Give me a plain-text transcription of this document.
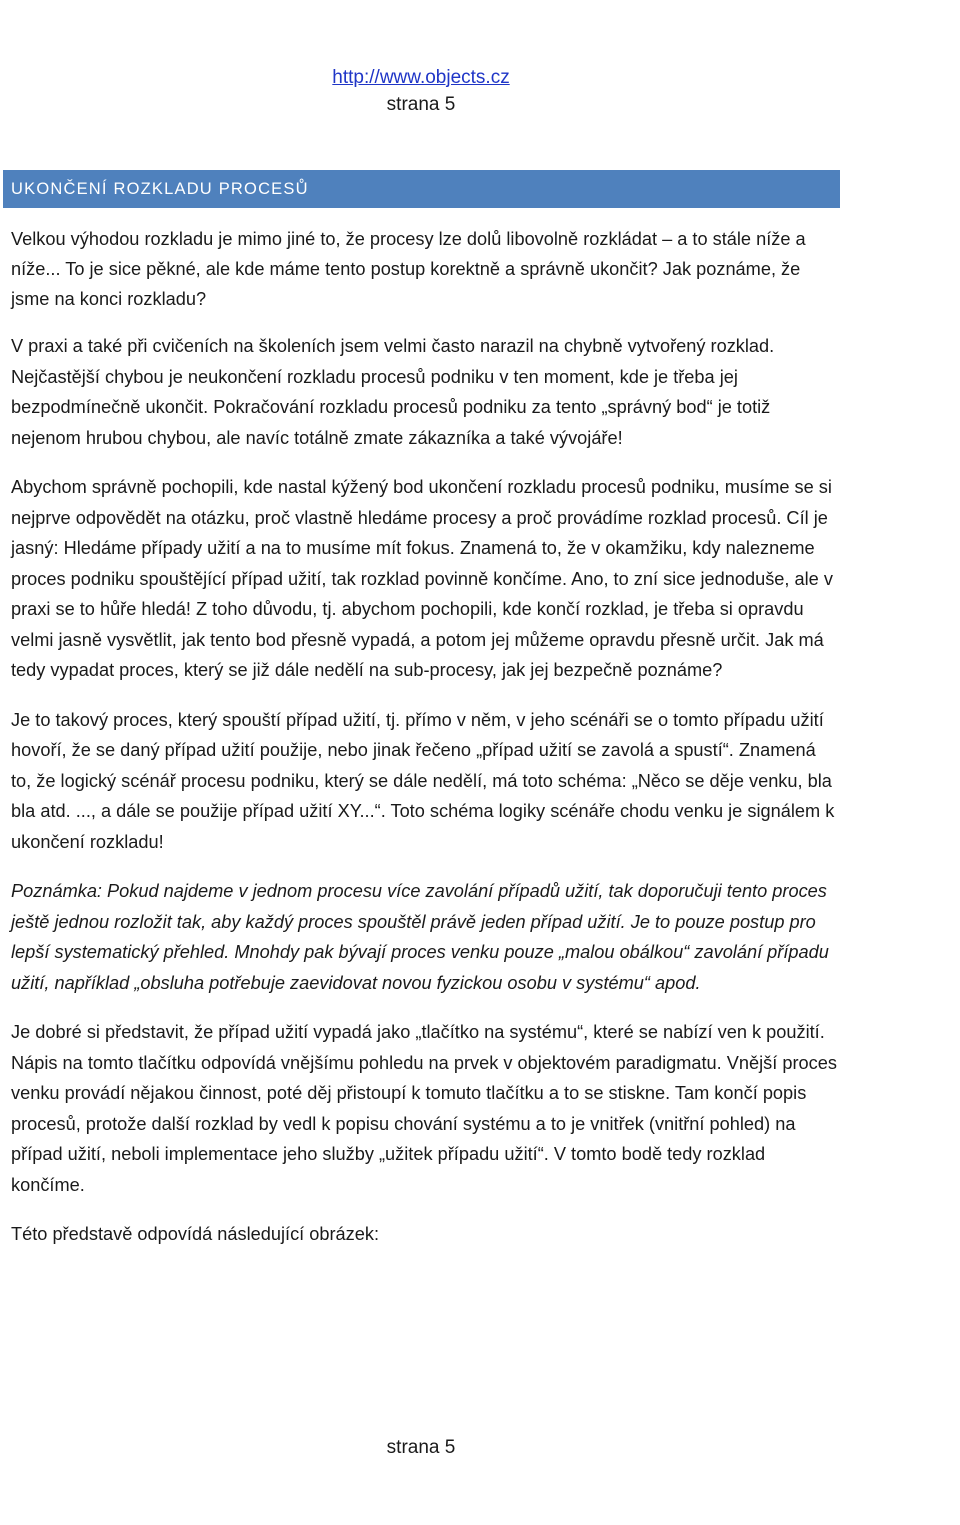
http://www.objects.cz
strana 5
UKONČENÍ ROZKLADU PROCESŮ

Velkou výhodou rozkladu je mimo jiné to, že procesy lze dolů libovolně rozkládat – a to stále níže a níže... To je sice pěkné, ale kde máme tento postup korektně a správně ukončit? Jak poznáme, že jsme na konci rozkladu?

V praxi a také při cvičeních na školeních jsem velmi často narazil na chybně vytvořený rozklad. Nejčastější chybou je neukončení rozkladu procesů podniku v ten moment, kde je třeba jej bezpodmínečně ukončit. Pokračování rozkladu procesů podniku za tento „správný bod“ je totiž nejenom hrubou chybou, ale navíc totálně zmate zákazníka a také vývojáře!

Abychom správně pochopili, kde nastal kýžený bod ukončení rozkladu procesů podniku, musíme se si nejprve odpovědět na otázku, proč vlastně hledáme procesy a proč provádíme rozklad procesů. Cíl je jasný: Hledáme případy užití a na to musíme mít fokus. Znamená to, že v okamžiku, kdy nalezneme proces podniku spouštějící případ užití, tak rozklad povinně končíme. Ano, to zní sice jednoduše, ale v praxi se to hůře hledá! Z toho důvodu, tj. abychom pochopili, kde končí rozklad, je třeba si opravdu velmi jasně vysvětlit, jak tento bod přesně vypadá, a potom jej můžeme opravdu přesně určit. Jak má tedy vypadat proces, který se již dále nedělí na sub-procesy, jak jej bezpečně poznáme?

Je to takový proces, který spouští případ užití, tj. přímo v něm, v jeho scénáři se o tomto případu užití hovoří, že se daný případ užití použije, nebo jinak řečeno „případ užití se zavolá a spustí“. Znamená to, že logický scénář procesu podniku, který se dále nedělí, má toto schéma: „Něco se děje venku, bla bla atd. ..., a dále se použije případ užití XY...“. Toto schéma logiky scénáře chodu venku je signálem k ukončení rozkladu!

Poznámka: Pokud najdeme v jednom procesu více zavolání případů užití, tak doporučuji tento proces ještě jednou rozložit tak, aby každý proces spouštěl právě jeden případ užití. Je to pouze postup pro lepší systematický přehled. Mnohdy pak bývají proces venku pouze „malou obálkou“ zavolání případu užití, například „obsluha potřebuje zaevidovat novou fyzickou osobu v systému“ apod.

Je dobré si představit, že případ užití vypadá jako „tlačítko na systému“, které se nabízí ven k použití. Nápis na tomto tlačítku odpovídá vnějšímu pohledu na prvek v objektovém paradigmatu. Vnější proces venku provádí nějakou činnost, poté děj přistoupí k tomuto tlačítku a to se stiskne. Tam končí popis procesů, protože další rozklad by vedl k popisu chování systému a to je vnitřek (vnitřní pohled) na případ užití, neboli implementace jeho služby „užitek případu užití“. V tomto bodě tedy rozklad končíme.

Této představě odpovídá následující obrázek:

strana 5
